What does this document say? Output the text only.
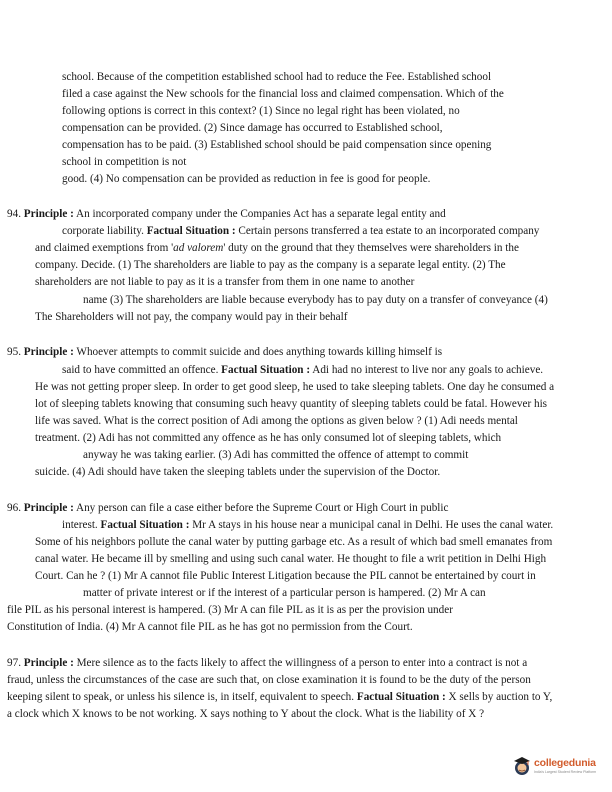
school. Because of the competition established school had to reduce the Fee. Established school
filed a case against the New schools for the financial loss and claimed compensation. Which of the
following options is correct in this context? (1) Since no legal right has been violated, no
compensation can be provided. (2) Since damage has occurred to Established school,
compensation has to be paid. (3) Established school should be paid compensation since opening
school in competition is not
good. (4) No compensation can be provided as reduction in fee is good for people.
94. Principle : An incorporated company under the Companies Act has a separate legal entity and
corporate liability. Factual Situation : Certain persons transferred a tea estate to an incorporated company
and claimed exemptions from 'ad valorem' duty on the ground that they themselves were shareholders in the
company. Decide. (1) The shareholders are liable to pay as the company is a separate legal entity. (2) The
shareholders are not liable to pay as it is a transfer from them in one name to another
name (3) The shareholders are liable because everybody has to pay duty on a transfer of conveyance (4)
The Shareholders will not pay, the company would pay in their behalf
95. Principle : Whoever attempts to commit suicide and does anything towards killing himself is
said to have committed an offence. Factual Situation : Adi had no interest to live nor any goals to achieve.
He was not getting proper sleep. In order to get good sleep, he used to take sleeping tablets. One day he consumed a
lot of sleeping tablets knowing that consuming such heavy quantity of sleeping tablets could be fatal. However his
life was saved. What is the correct position of Adi among the options as given below ? (1) Adi needs mental
treatment. (2) Adi has not committed any offence as he has only consumed lot of sleeping tablets, which
anyway he was taking earlier. (3) Adi has committed the offence of attempt to commit
suicide. (4) Adi should have taken the sleeping tablets under the supervision of the Doctor.
96. Principle : Any person can file a case either before the Supreme Court or High Court in public
interest. Factual Situation : Mr A stays in his house near a municipal canal in Delhi. He uses the canal water.
Some of his neighbors pollute the canal water by putting garbage etc. As a result of which bad smell emanates from
canal water. He became ill by smelling and using such canal water. He thought to file a writ petition in Delhi High
Court. Can he ? (1) Mr A cannot file Public Interest Litigation because the PIL cannot be entertained by court in
matter of private interest or if the interest of a particular person is hampered. (2) Mr A can
file PIL as his personal interest is hampered. (3) Mr A can file PIL as it is as per the provision under
Constitution of India. (4) Mr A cannot file PIL as he has got no permission from the Court.
97. Principle : Mere silence as to the facts likely to affect the willingness of a person to enter into a contract is not a
fraud, unless the circumstances of the case are such that, on close examination it is found to be the duty of the person
keeping silent to speak, or unless his silence is, in itself, equivalent to speech. Factual Situation : X sells by auction to Y,
a clock which X knows to be not working. X says nothing to Y about the clock. What is the liability of X ?
collegedunia
India's Largest Student Review Platform
